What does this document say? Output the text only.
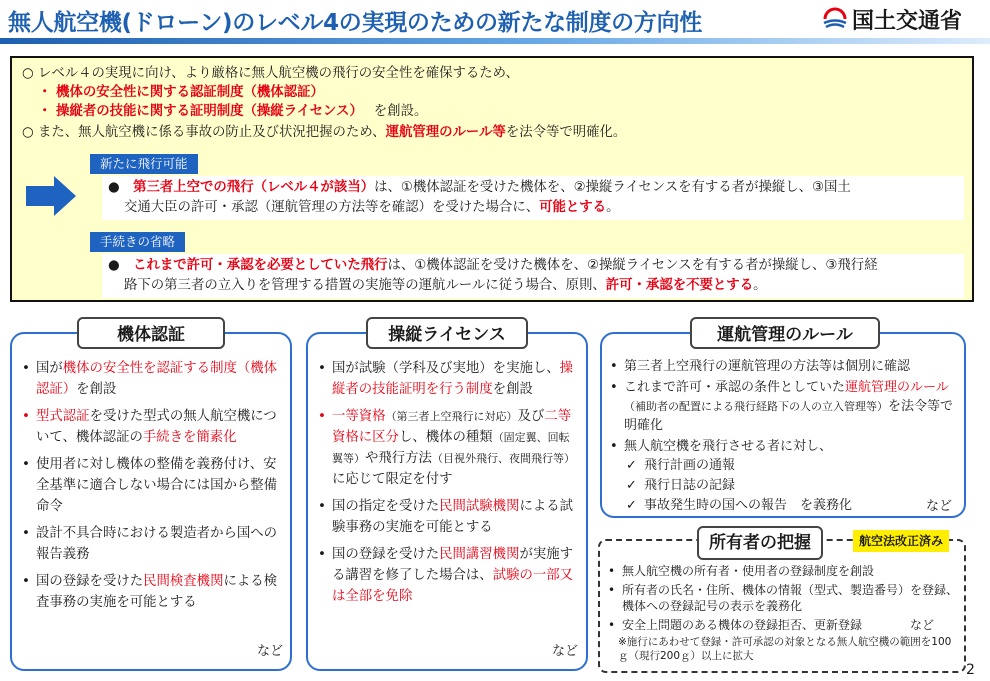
無人航空機(ドローン)のレベル4の実現のための新たな制度の方向性	国土交通省
○ レベル４の実現に向け、より厳格に無人航空機の飛行の安全性を確保するため、
・ 機体の安全性に関する認証制度（機体認証）
・ 操縦者の技能に関する証明制度（操縦ライセンス）　 を創設。
○ また、無人航空機に係る事故の防止及び状況把握のため、運航管理のルール等を法令等で明確化。
新たに飛行可能
●　 第三者上空での飛行（レベル４が該当）は、①機体認証を受けた機体を、②操縦ライセンスを有する者が操縦し、③国土
交通大臣の許可・承認（運航管理の方法等を確認）を受けた場合に、可能とする。
手続きの省略
●　 これまで許可・承認を必要としていた飛行は、①機体認証を受けた機体を、②操縦ライセンスを有する者が操縦し、③飛行経
路下の第三者の立入りを管理する措置の実施等の運航ルールに従う場合、原則、許可・承認を不要とする。
機体認証
• 国が機体の安全性を認証する制度（機体認証）を創設
• 型式認証を受けた型式の無人航空機について、機体認証の手続きを簡素化
• 使用者に対し機体の整備を義務付け、安全基準に適合しない場合には国から整備命令
• 設計不具合時における製造者から国への報告義務
• 国の登録を受けた民間検査機関による検査事務の実施を可能とする
など
操縦ライセンス
• 国が試験（学科及び実地）を実施し、操縦者の技能証明を行う制度を創設
• 一等資格（第三者上空飛行に対応）及び二等資格に区分し、機体の種類（固定翼、回転翼等）や飛行方法（目視外飛行、夜間飛行等）に応じて限定を付す
• 国の指定を受けた民間試験機関による試験事務の実施を可能とする
• 国の登録を受けた民間講習機関が実施する講習を修了した場合は、試験の一部又は全部を免除
など
運航管理のルール
• 第三者上空飛行の運航管理の方法等は個別に確認
• これまで許可・承認の条件としていた運航管理のルール（補助者の配置による飛行経路下の人の立入管理等）を法令等で明確化
• 無人航空機を飛行させる者に対し、
✓ 飛行計画の通報
✓ 飛行日誌の記録
✓ 事故発生時の国への報告　を義務化	など
所有者の把握	航空法改正済み
• 無人航空機の所有者・使用者の登録制度を創設
• 所有者の氏名・住所、機体の情報（型式、製造番号）を登録、機体への登録記号の表示を義務化
• 安全上問題のある機体の登録拒否、更新登録	など
※施行にあわせて登録・許可承認の対象となる無人航空機の範囲を100ｇ（現行200ｇ）以上に拡大
2
